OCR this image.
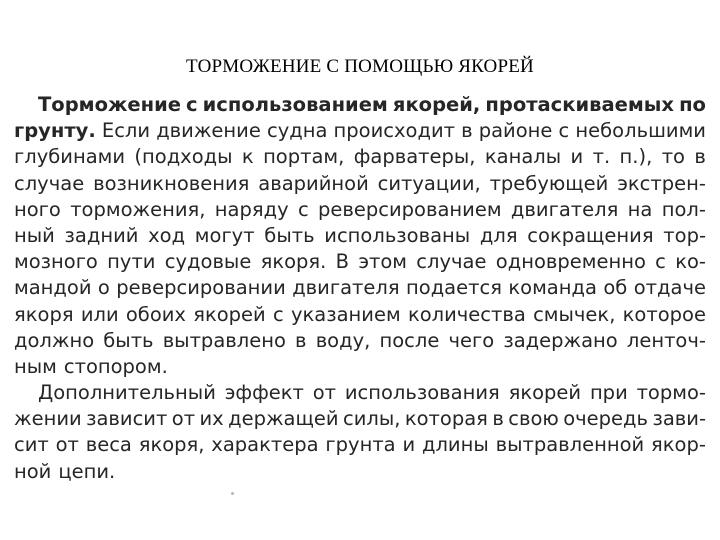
ТОРМОЖЕНИЕ С ПОМОЩЬЮ ЯКОРЕЙ
Торможение с использованием якорей, протаскиваемых по
грунту. Если движение судна происходит в районе с небольшими
глубинами (подходы к портам, фарватеры, каналы и т. п.), то в
случае возникновения аварийной ситуации, требующей экстрен-
ного торможения, наряду с реверсированием двигателя на пол-
ный задний ход могут быть использованы для сокращения тор-
мозного пути судовые якоря. В этом случае одновременно с ко-
мандой о реверсировании двигателя подается команда об отдаче
якоря или обоих якорей с указанием количества смычек, которое
должно быть вытравлено в воду, после чего задержано ленточ-
ным стопором.
Дополнительный эффект от использования якорей при тормо-
жении зависит от их держащей силы, которая в свою очередь зави-
сит от веса якоря, характера грунта и длины вытравленной якор-
ной цепи.
